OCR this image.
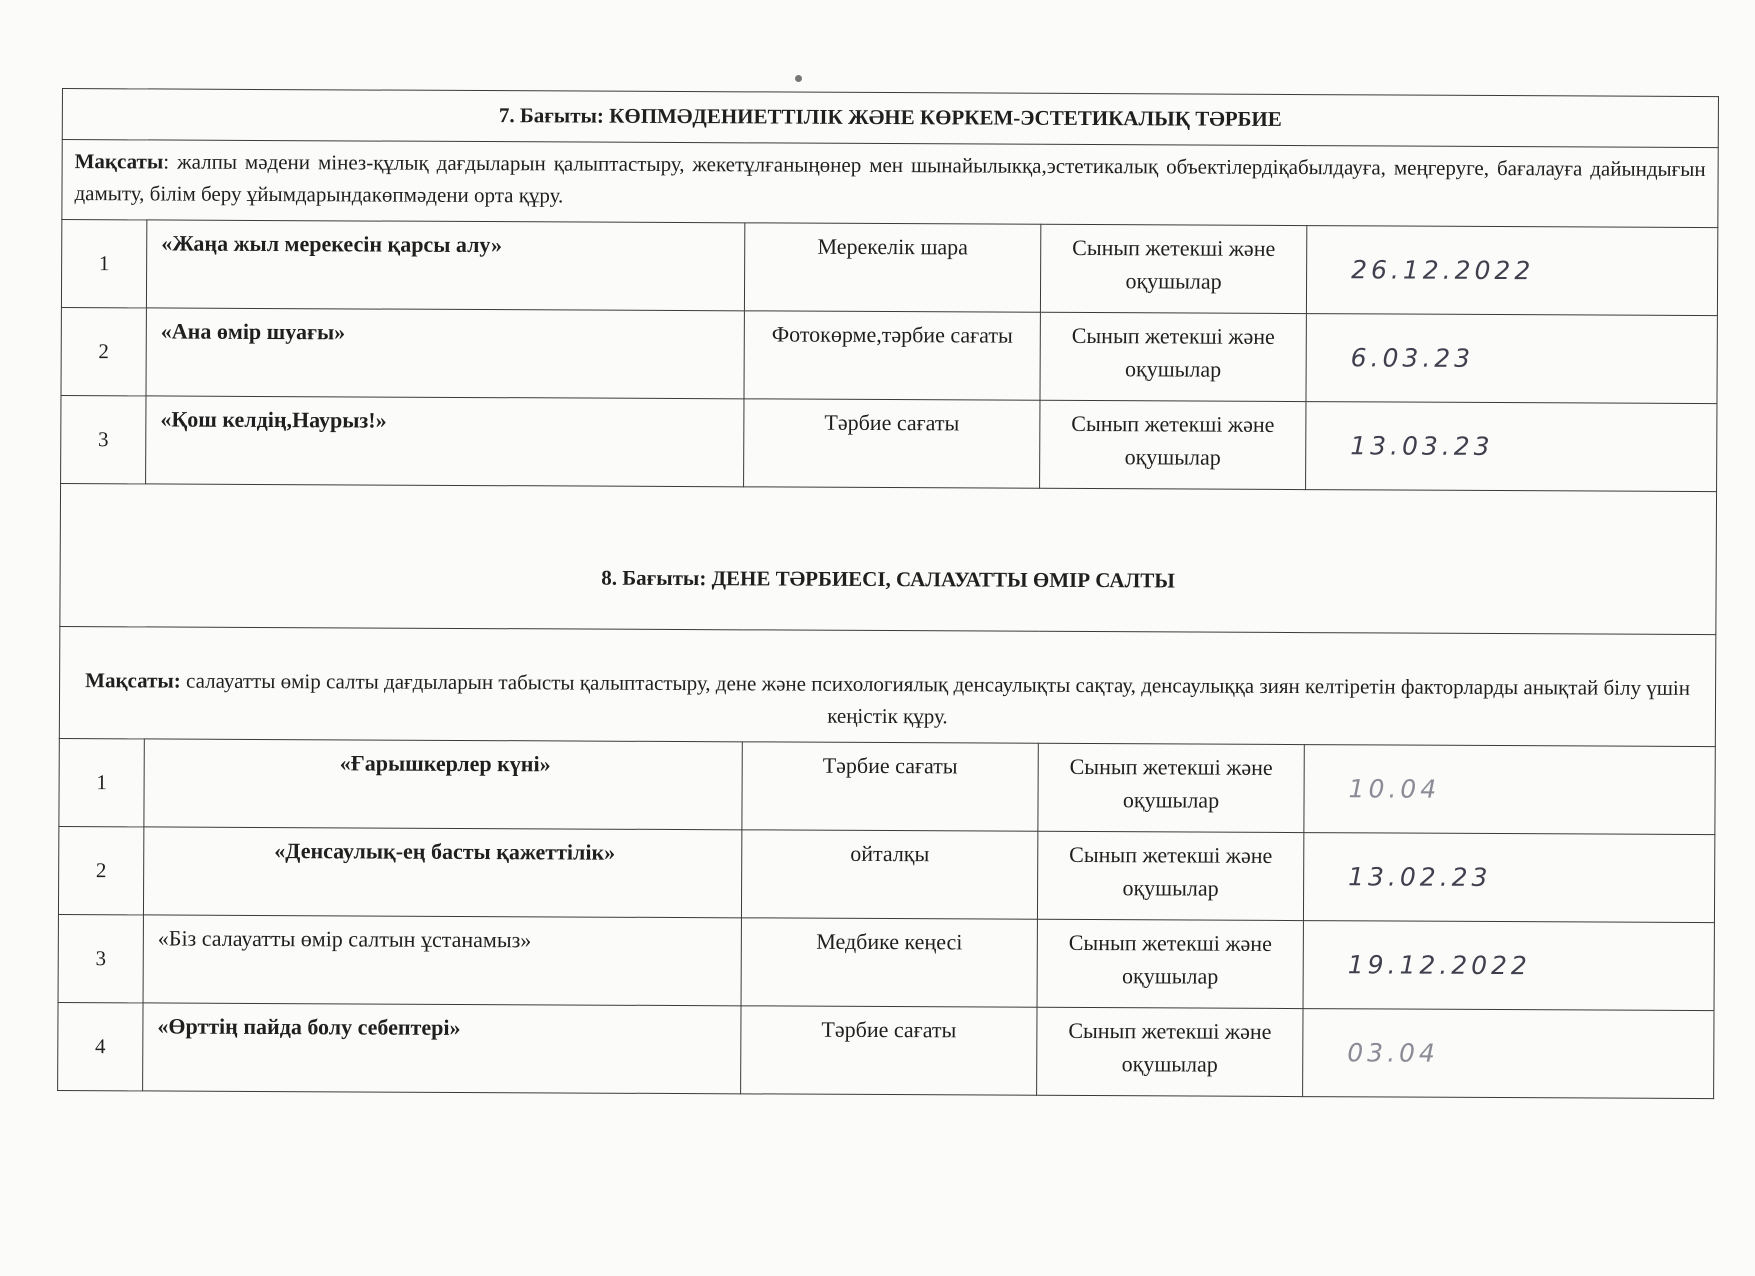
7. Бағыты: КӨПМӘДЕНИЕТТІЛІК ЖӘНЕ КӨРКЕМ-ЭСТЕТИКАЛЫҚ ТӘРБИЕ				
Мақсаты: жалпы мәдени мінез-құлық дағдыларын қалыптастыру, жекетұлғаныңөнер мен шынайылыкқа,эстетикалық объектілердіқабылдауға, меңгеруге, бағалауға дайындығын дамыту, білім беру ұйымдарындакөпмәдени орта құру.				
1	«Жаңа жыл мерекесін қарсы алу»	Мерекелік шара	Сынып жетекші және оқушылар	26.12.2022
2	«Ана өмір шуағы»	Фотокөрме,тәрбие сағаты	Сынып жетекші және оқушылар	6.03.23
3	«Қош келдің,Наурыз!»	Тәрбие сағаты	Сынып жетекші және оқушылар	13.03.23
8. Бағыты: ДЕНЕ ТӘРБИЕСІ, САЛАУАТТЫ ӨМІР САЛТЫ				
Мақсаты: салауатты өмір салты дағдыларын табысты қалыптастыру, дене және психологиялық денсаулықты сақтау, денсаулыққа зиян келтіретін факторларды анықтай білу үшін кеңістік құру.				
1	«Ғарышкерлер күні»	Тәрбие сағаты	Сынып жетекші және оқушылар	10.04
2	«Денсаулық-ең басты қажеттілік»	ойталқы	Сынып жетекші және оқушылар	13.02.23
3	«Біз салауатты өмір салтын ұстанамыз»	Медбике кеңесі	Сынып жетекші және оқушылар	19.12.2022
4	«Өрттің пайда болу себептері»	Тәрбие сағаты	Сынып жетекші және оқушылар	03.04
